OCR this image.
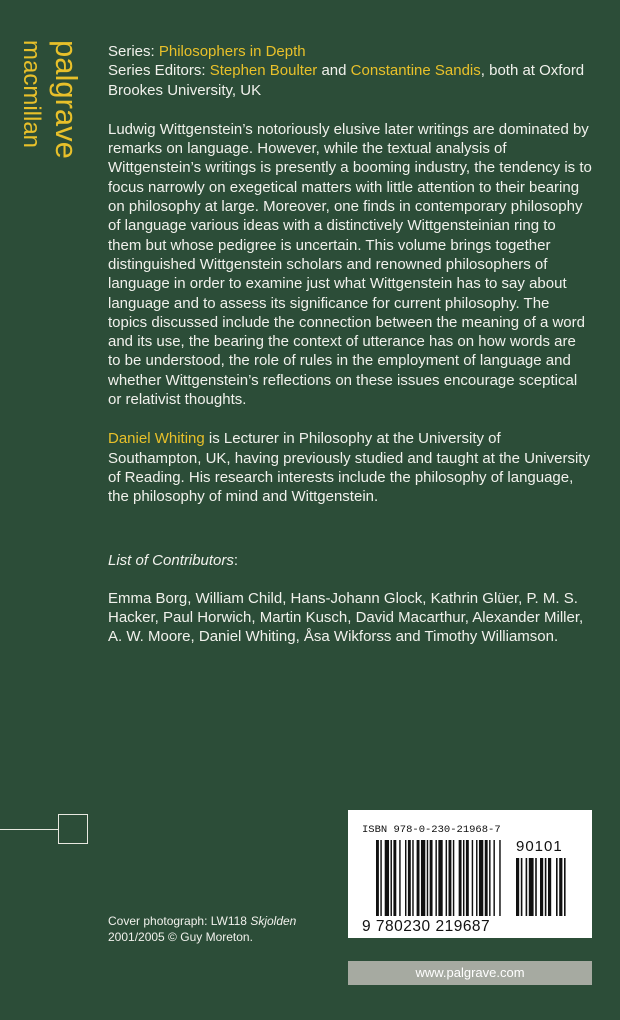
palgrave
macmillan	Series: Philosophers in Depth

Series Editors: Stephen Boulter and Constantine Sandis, both at Oxford Brookes University, UK

Ludwig Wittgenstein’s notoriously elusive later writings are dominated by remarks on language. However, while the textual analysis of Wittgenstein’s writings is presently a booming industry, the tendency is to focus narrowly on exegetical matters with little attention to their bearing on philosophy at large. Moreover, one finds in contemporary philosophy of language various ideas with a distinctively Wittgensteinian ring to them but whose pedigree is uncertain. This volume brings together distinguished Wittgenstein scholars and renowned philosophers of language in order to examine just what Wittgenstein has to say about language and to assess its significance for current philosophy. The topics discussed include the connection between the meaning of a word and its use, the bearing the context of utterance has on how words are to be understood, the role of rules in the employment of language and whether Wittgenstein’s reflections on these issues encourage sceptical or relativist thoughts.

Daniel Whiting is Lecturer in Philosophy at the University of Southampton, UK, having previously studied and taught at the University of Reading. His research interests include the philosophy of language, the philosophy of mind and Wittgenstein.

List of Contributors:

Emma Borg, William Child, Hans-Johann Glock, Kathrin Glüer, P. M. S. Hacker, Paul Horwich, Martin Kusch, David Macarthur, Alexander Miller, A. W. Moore, Daniel Whiting, Åsa Wikforss and Timothy Williamson.

ISBN 978-0-230-21968-7
90101
9 780230 219687
Cover photograph: LW118 Skjolden
2001/2005 © Guy Moreton.
www.palgrave.com
